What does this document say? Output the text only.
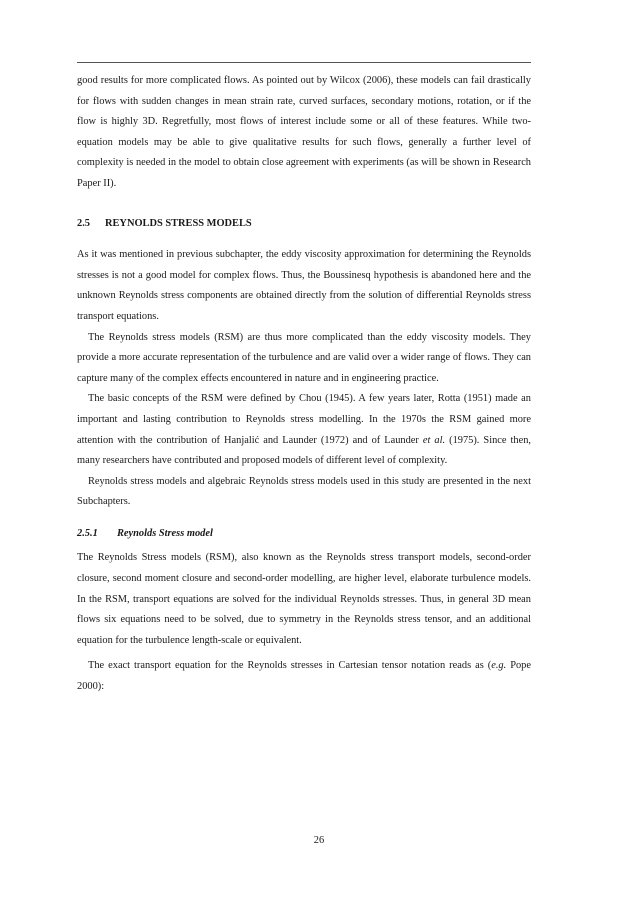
good results for more complicated flows. As pointed out by Wilcox (2006), these models can fail drastically for flows with sudden changes in mean strain rate, curved surfaces, secondary motions, rotation, or if the flow is highly 3D. Regretfully, most flows of interest include some or all of these features. While two-equation models may be able to give qualitative results for such flows, generally a further level of complexity is needed in the model to obtain close agreement with experiments (as will be shown in Research Paper II).

2.5	REYNOLDS STRESS MODELS

As it was mentioned in previous subchapter, the eddy viscosity approximation for determining the Reynolds stresses is not a good model for complex flows. Thus, the Boussinesq hypothesis is abandoned here and the unknown Reynolds stress components are obtained directly from the solution of differential Reynolds stress transport equations.

The Reynolds stress models (RSM) are thus more complicated than the eddy viscosity models. They provide a more accurate representation of the turbulence and are valid over a wider range of flows. They can capture many of the complex effects encountered in nature and in engineering practice.

The basic concepts of the RSM were defined by Chou (1945). A few years later, Rotta (1951) made an important and lasting contribution to Reynolds stress modelling. In the 1970s the RSM gained more attention with the contribution of Hanjalić and Launder (1972) and of Launder et al. (1975). Since then, many researchers have contributed and proposed models of different level of complexity.

Reynolds stress models and algebraic Reynolds stress models used in this study are presented in the next Subchapters.

2.5.1	Reynolds Stress model

The Reynolds Stress models (RSM), also known as the Reynolds stress transport models, second-order closure, second moment closure and second-order modelling, are higher level, elaborate turbulence models. In the RSM, transport equations are solved for the individual Reynolds stresses. Thus, in general 3D mean flows six equations need to be solved, due to symmetry in the Reynolds stress tensor, and an additional equation for the turbulence length-scale or equivalent.

The exact transport equation for the Reynolds stresses in Cartesian tensor notation reads as (e.g. Pope 2000):

26
